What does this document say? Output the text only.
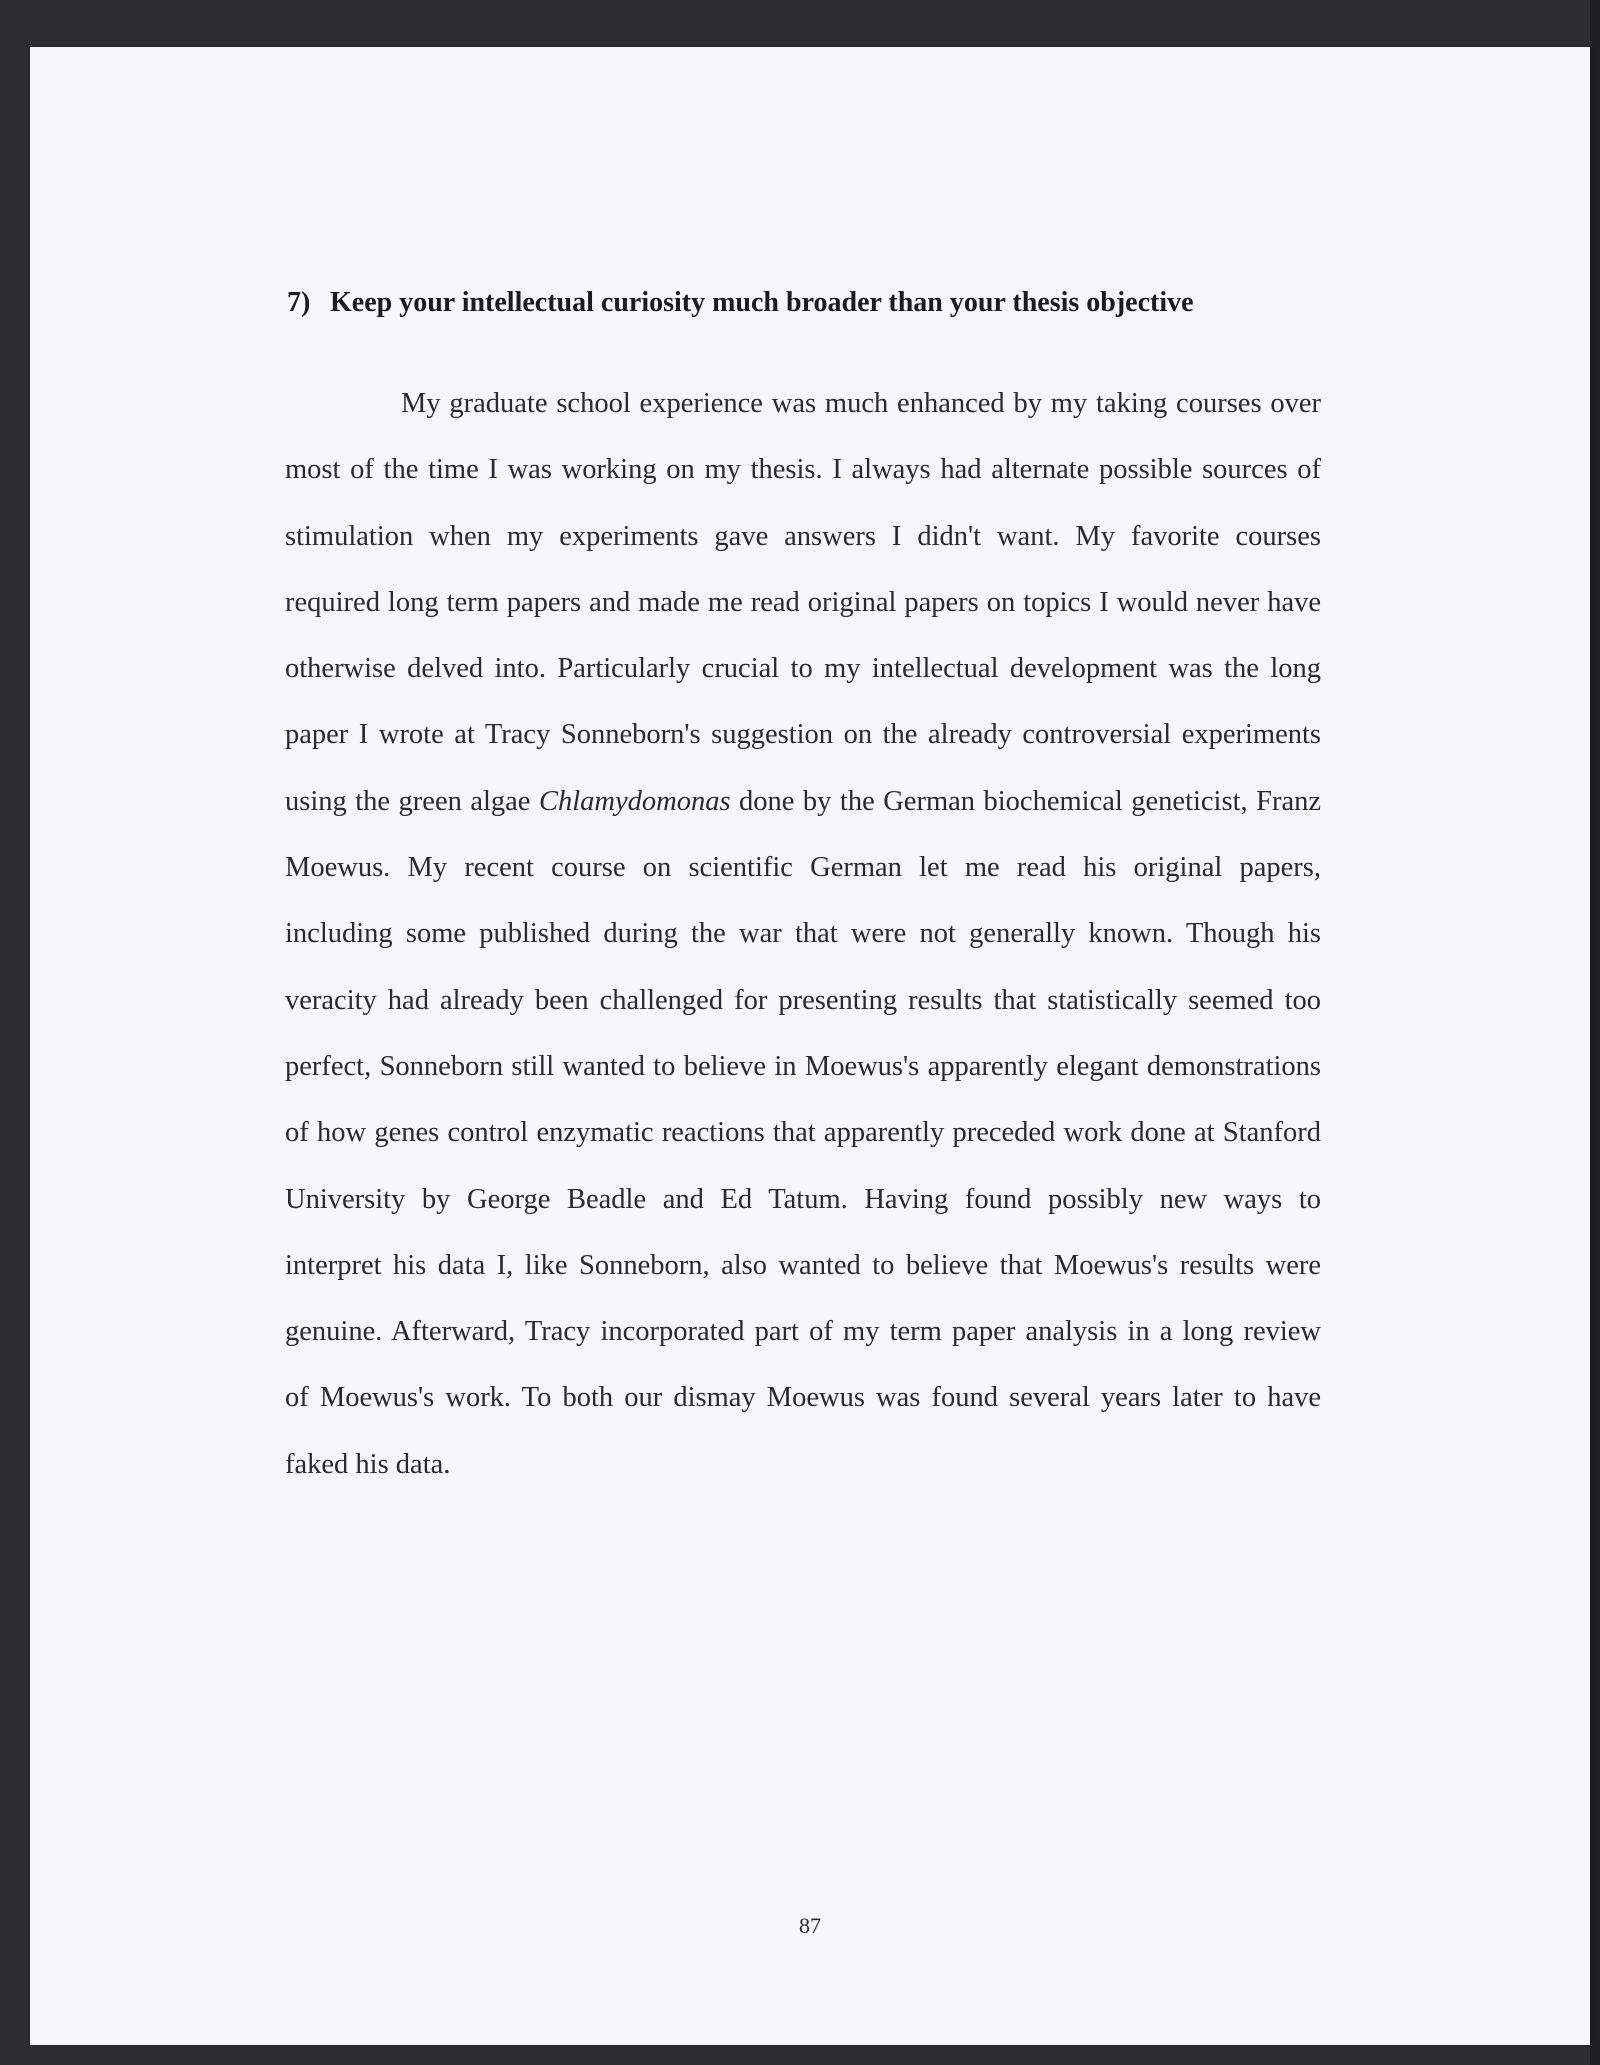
7) Keep your intellectual curiosity much broader than your thesis objective
My graduate school experience was much enhanced by my taking courses over
most of the time I was working on my thesis. I always had alternate possible sources of
stimulation when my experiments gave answers I didn't want. My favorite courses
required long term papers and made me read original papers on topics I would never have
otherwise delved into. Particularly crucial to my intellectual development was the long
paper I wrote at Tracy Sonneborn's suggestion on the already controversial experiments
using the green algae Chlamydomonas done by the German biochemical geneticist, Franz
Moewus. My recent course on scientific German let me read his original papers,
including some published during the war that were not generally known. Though his
veracity had already been challenged for presenting results that statistically seemed too
perfect, Sonneborn still wanted to believe in Moewus's apparently elegant demonstrations
of how genes control enzymatic reactions that apparently preceded work done at Stanford
University by George Beadle and Ed Tatum. Having found possibly new ways to
interpret his data I, like Sonneborn, also wanted to believe that Moewus's results were
genuine. Afterward, Tracy incorporated part of my term paper analysis in a long review
of Moewus's work. To both our dismay Moewus was found several years later to have
faked his data.
87
